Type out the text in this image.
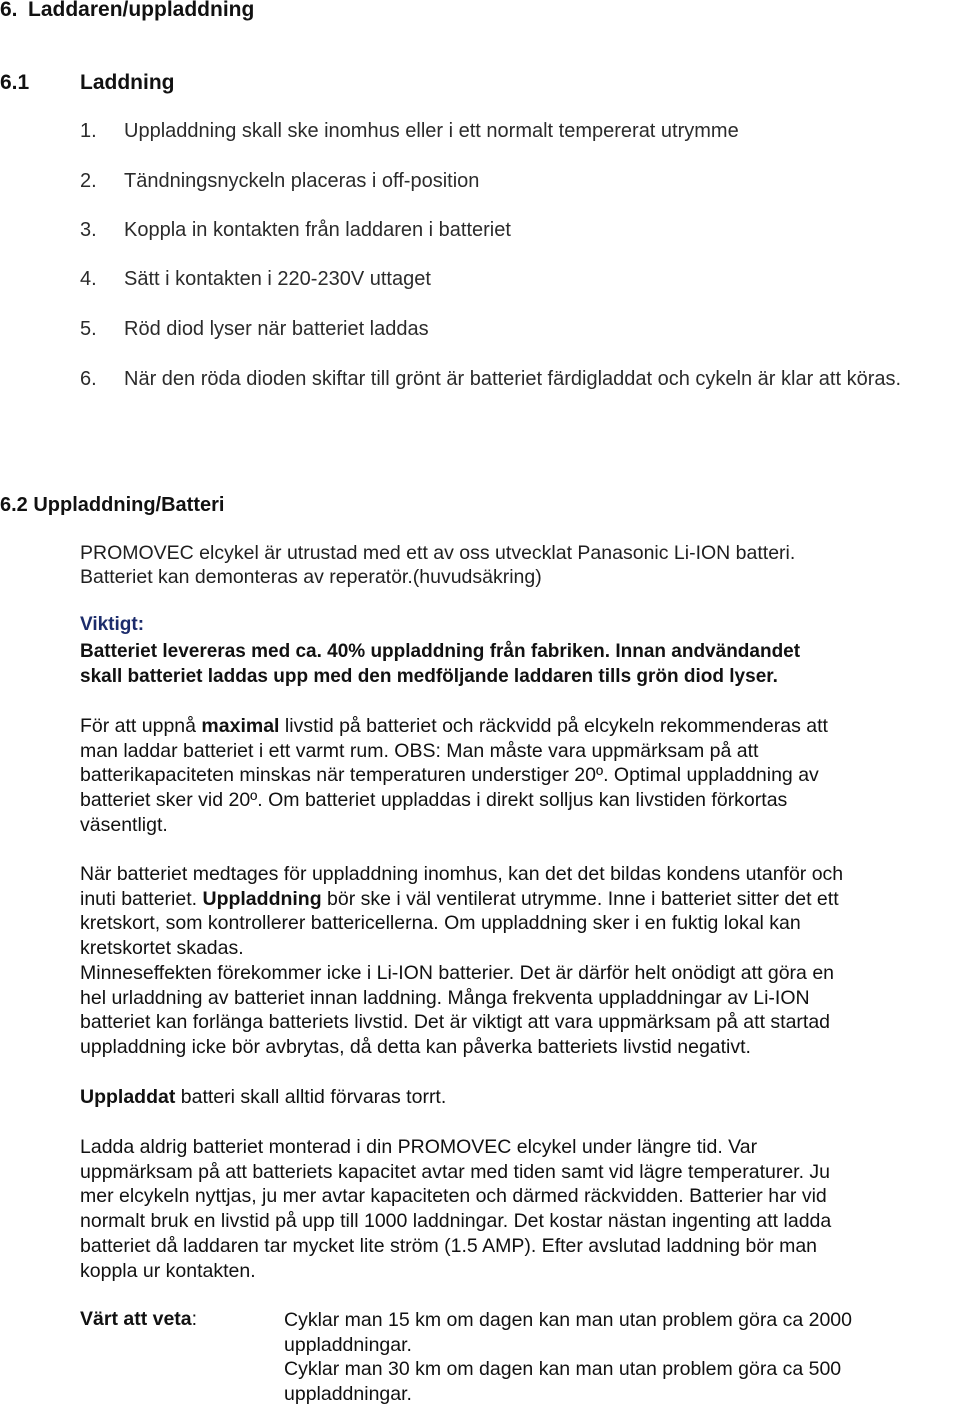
6. Laddaren/uppladdning
6.1 Laddning
1. Uppladdning skall ske inomhus eller i ett normalt tempererat utrymme
2. Tändningsnyckeln placeras i off-position
3. Koppla in kontakten från laddaren i batteriet
4. Sätt i kontakten i 220-230V uttaget
5. Röd diod lyser när batteriet laddas
6. När den röda dioden skiftar till grönt är batteriet färdigladdat och cykeln är klar att köras.
6.2 Uppladdning/Batteri
PROMOVEC elcykel är utrustad med ett av oss utvecklat Panasonic Li-ION batteri.
Batteriet kan demonteras av reperatör.(huvudsäkring)
Viktigt:
Batteriet levereras med ca. 40% uppladdning från fabriken. Innan andvändandet
skall batteriet laddas upp med den medföljande laddaren tills grön diod lyser.
För att uppnå maximal livstid på batteriet och räckvidd på elcykeln rekommenderas att
man laddar batteriet i ett varmt rum. OBS: Man måste vara uppmärksam på att
batterikapaciteten minskas när temperaturen understiger 20º. Optimal uppladdning av
batteriet sker vid 20º. Om batteriet uppladdas i direkt solljus kan livstiden förkortas
väsentligt.
När batteriet medtages för uppladdning inomhus, kan det det bildas kondens utanför och
inuti batteriet. Uppladdning bör ske i väl ventilerat utrymme. Inne i batteriet sitter det ett
kretskort, som kontrollerer battericellerna. Om uppladdning sker i en fuktig lokal kan
kretskortet skadas.
Minneseffekten förekommer icke i Li-ION batterier. Det är därför helt onödigt att göra en
hel urladdning av batteriet innan laddning. Många frekventa uppladdningar av Li-ION
batteriet kan forlänga batteriets livstid. Det är viktigt att vara uppmärksam på att startad
uppladdning icke bör avbrytas, då detta kan påverka batteriets livstid negativt.
Uppladdat batteri skall alltid förvaras torrt.
Ladda aldrig batteriet monterad i din PROMOVEC elcykel under längre tid. Var
uppmärksam på att batteriets kapacitet avtar med tiden samt vid lägre temperaturer. Ju
mer elcykeln nyttjas, ju mer avtar kapaciteten och därmed räckvidden. Batterier har vid
normalt bruk en livstid på upp till 1000 laddningar. Det kostar nästan ingenting att ladda
batteriet då laddaren tar mycket lite ström (1.5 AMP). Efter avslutad laddning bör man
koppla ur kontakten.
Värt att veta:	Cyklar man 15 km om dagen kan man utan problem göra ca 2000
uppladdningar.
Cyklar man 30 km om dagen kan man utan problem göra ca 500
uppladdningar.
